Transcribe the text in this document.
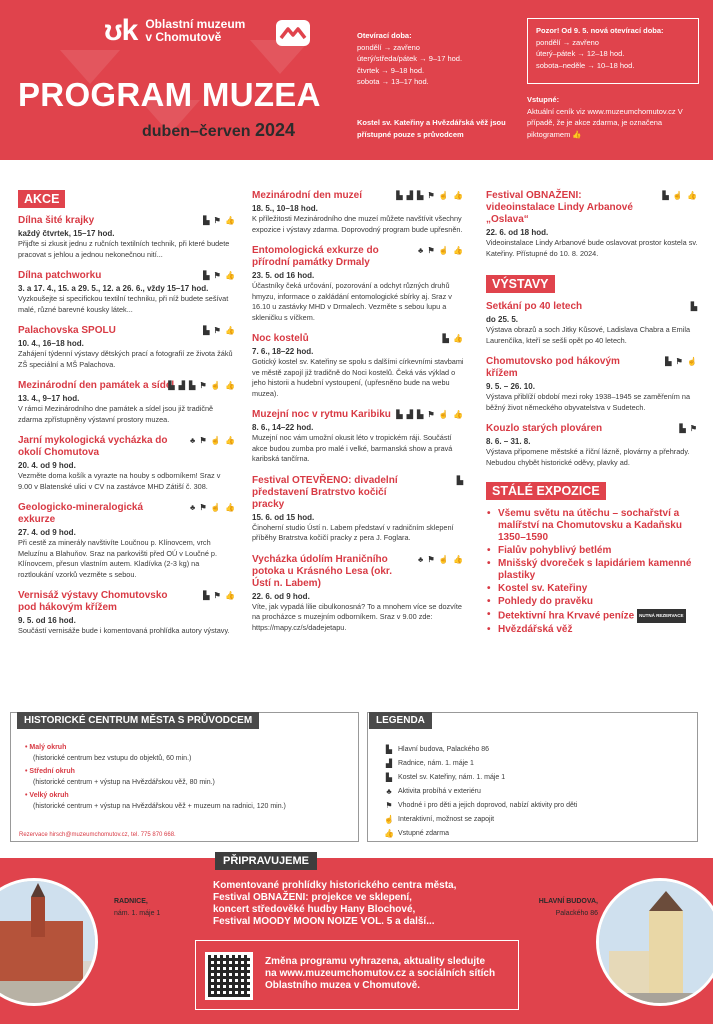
ʊk Oblastní muzeum
v Chomutově
PROGRAM MUZEA
duben–červen 2024
Otevírací doba:
pondělí → zavřeno
úterý/středa/pátek → 9–17 hod.
čtvrtek → 9–18 hod.
sobota → 13–17 hod.
Kostel sv. Kateřiny a Hvězdářská věž jsou přístupné pouze s průvodcem
Pozor! Od 9. 5. nová otevírací doba:
pondělí → zavřeno
úterý–pátek → 12–18 hod.
sobota–neděle → 10–18 hod.
Vstupné:
Aktuální ceník viz www.muzeumchomutov.cz V případě, že je akce zdarma, je označena piktogramem 👍
AKCE
Dílna šité krajky	▙ ⚑ 👍
každý čtvrtek, 15–17 hod.
Přijďte si zkusit jednu z ručních textilních technik, při které budete pracovat s jehlou a jednou nekonečnou nití...
Dílna patchworku	▙ ⚑ 👍
3. a 17. 4., 15. a 29. 5., 12. a 26. 6., vždy 15–17 hod.
Vyzkoušejte si specifickou textilní techniku, při níž budete sešívat malé, různé barevné kousky látek...
Palachovska SPOLU	▙ ⚑ 👍
10. 4., 16–18 hod.
Zahájení týdenní výstavy dětských prací a fotografií ze života žáků ZŠ speciální a MŠ Palachova.
Mezinárodní den památek a sídel
▙ ▟ ▙ ⚑ ☝ 👍
13. 4., 9–17 hod.
V rámci Mezinárodního dne památek a sídel jsou již tradičně zdarma zpřístupněny výstavní prostory muzea.
Jarní mykologická vycházka do okolí Chomutova
♣ ⚑ ☝ 👍
20. 4. od 9 hod.
Vezměte doma košík a vyrazte na houby s odborníkem! Sraz v 9.00 v Blatenské ulici v CV na zastávce MHD Zátiší č. 308.
Geologicko-mineralogická exkurze
♣ ⚑ ☝ 👍
27. 4. od 9 hod.
Při cestě za minerály navštivíte Loučnou p. Klínovcem, vrch Meluzínu a Blahuňov. Sraz na parkovišti před OÚ v Loučné p. Klínovcem, přesun vlastním autem. Kladívka (2-3 kg) na roztloukání vzorků vezměte s sebou.
Vernisáž výstavy Chomutovsko pod hákovým křížem
▙ ⚑ 👍
9. 5. od 16 hod.
Součástí vernisáže bude i komentovaná prohlídka autory výstavy.
Mezinárodní den muzeí	▙ ▟ ▙ ⚑ ☝ 👍
18. 5., 10–18 hod.
K příležitosti Mezinárodního dne muzeí můžete navštívit všechny expozice i výstavy zdarma. Doprovodný program bude upřesněn.
Entomologická exkurze do přírodní památky Drmaly
♣ ⚑ ☝ 👍
23. 5. od 16 hod.
Účastníky čeká určování, pozorování a odchyt různých druhů hmyzu, informace o zakládání entomologické sbírky aj. Sraz v 16.10 u zastávky MHD v Drmalech. Vezměte s sebou lupu a skleničku s víčkem.
Noc kostelů	▙ 👍
7. 6., 18–22 hod.
Gotický kostel sv. Kateřiny se spolu s dalšími církevními stavbami ve městě zapojí již tradičně do Noci kostelů. Čeká vás výklad o jeho historii a hudební vystoupení, (upřesněno bude na webu muzea).
Muzejní noc v rytmu Karibiku ▙ ▟ ▙ ⚑ ☝ 👍
8. 6., 14–22 hod.
Muzejní noc vám umožní okusit léto v tropickém ráji. Součástí akce budou zumba pro malé i velké, barmanská show a pravá karibská tančírna.
Festival OTEVŘENO: divadelní představení Bratrstvo kočičí pracky
▙
15. 6. od 15 hod.
Činoherní studio Ústí n. Labem představí v radničním sklepení příběhy Bratrstva kočičí pracky z pera J. Foglara.
Vycházka údolím Hraničního potoka u Krásného Lesa (okr. Ústí n. Labem)
♣ ⚑ ☝ 👍
22. 6. od 9 hod.
Víte, jak vypadá lilie cibulkonosná? To a mnohem více se dozvíte na procházce s muzejním odborníkem. Sraz v 9.00 zde: https://mapy.cz/s/dadejetapu.
Festival OBNAŽENI: videoinstalace Lindy Arbanové „Oslava“
▙ ☝ 👍
22. 6. od 18 hod.
Videoinstalace Lindy Arbanové bude oslavovat prostor kostela sv. Kateřiny. Přístupné do 10. 8. 2024.
VÝSTAVY
Setkání po 40 letech	▙
do 25. 5.
Výstava obrazů a soch Jitky Kůsové, Ladislava Chabra a Emila Laurenčíka, kteří se sešli opět po 40 letech.
Chomutovsko pod hákovým křížem
▙ ⚑ ☝
9. 5. – 26. 10.
Výstava přiblíží období mezi roky 1938–1945 se zaměřením na běžný život německého obyvatelstva v Sudetech.
Kouzlo starých plováren	▙ ⚑
8. 6. – 31. 8.
Výstava připomene městské a říční lázně, plovárny a přehrady. Nebudou chybět historické oděvy, plavky ad.
STÁLÉ EXPOZICE
• Všemu světu na útěchu – sochařství a malířství na Chomutovsku a Kadaňsku 1350–1590
• Fialův pohyblivý betlém
• Mnišský dvoreček s lapidáriem kamenné plastiky
• Kostel sv. Kateřiny
• Pohledy do pravěku
• Detektivní hra Krvavé peníze NUTNÁ REZERVACE
• Hvězdářská věž
HISTORICKÉ CENTRUM MĚSTA S PRŮVODCEM
• Malý okruh
(historické centrum bez vstupu do objektů, 60 min.)
• Střední okruh
(historické centrum + výstup na Hvězdářskou věž, 80 min.)
• Velký okruh
(historické centrum + výstup na Hvězdářskou věž + muzeum na radnici, 120 min.)
Rezervace hirsch@muzeumchomutov.cz, tel. 775 870 668.
LEGENDA
▙ Hlavní budova, Palackého 86
▟ Radnice, nám. 1. máje 1
▙ Kostel sv. Kateřiny, nám. 1. máje 1
♣ Aktivita probíhá v exteriéru
⚑ Vhodné i pro děti a jejich doprovod, nabízí aktivity pro děti
☝ Interaktivní, možnost se zapojit
👍 Vstupné zdarma
RADNICE,
nám. 1. máje 1
PŘIPRAVUJEME
Komentované prohlídky historického centra města,
Festival OBNAŽENI: projekce ve sklepení,
koncert středověké hudby Hany Blochové,
Festival MOODY MOON NOIZE VOL. 5 a další...
Změna programu vyhrazena, aktuality sledujte
na www.muzeumchomutov.cz a sociálních sítích
Oblastního muzea v Chomutově.
HLAVNÍ BUDOVA,
Palackého 86
